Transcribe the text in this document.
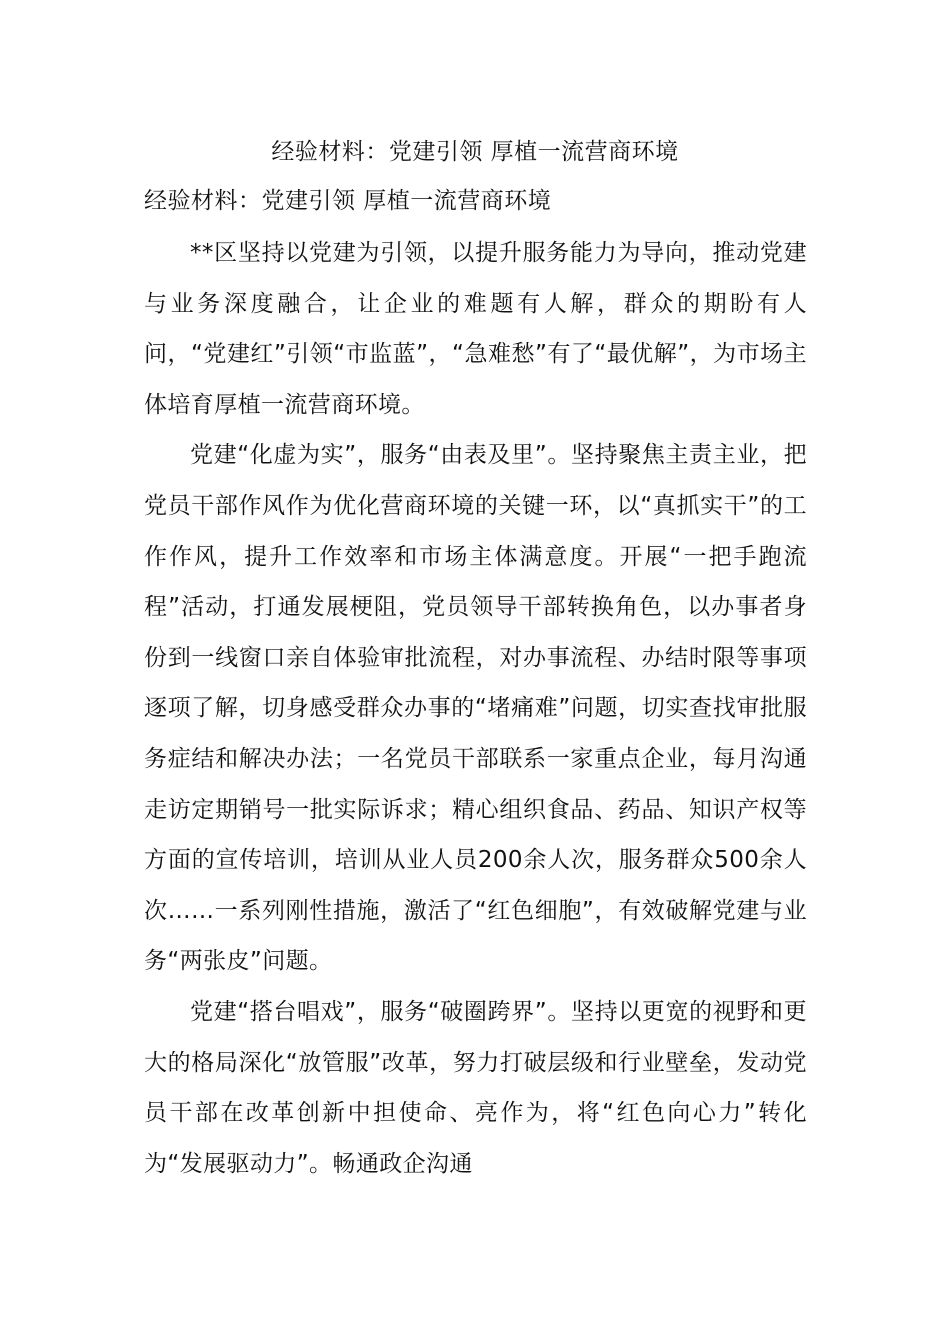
经验材料：党建引领 厚植一流营商环境
经验材料：党建引领 厚植一流营商环境

**区坚持以党建为引领，以提升服务能力为导向，推动党建与业务深度融合，让企业的难题有人解，群众的期盼有人问，“党建红”引领“市监蓝”，“急难愁”有了“最优解”，为市场主体培育厚植一流营商环境。

党建“化虚为实”，服务“由表及里”。坚持聚焦主责主业，把党员干部作风作为优化营商环境的关键一环，以“真抓实干”的工作作风，提升工作效率和市场主体满意度。开展“一把手跑流程”活动，打通发展梗阻，党员领导干部转换角色，以办事者身份到一线窗口亲自体验审批流程，对办事流程、办结时限等事项逐项了解，切身感受群众办事的“堵痛难”问题，切实查找审批服务症结和解决办法；一名党员干部联系一家重点企业，每月沟通走访定期销号一批实际诉求；精心组织食品、药品、知识产权等方面的宣传培训，培训从业人员200余人次，服务群众500余人次……一系列刚性措施，激活了“红色细胞”，有效破解党建与业务“两张皮”问题。

党建“搭台唱戏”，服务“破圈跨界”。坚持以更宽的视野和更大的格局深化“放管服”改革，努力打破层级和行业壁垒，发动党员干部在改革创新中担使命、亮作为，将“红色向心力”转化为“发展驱动力”。畅通政企沟通
